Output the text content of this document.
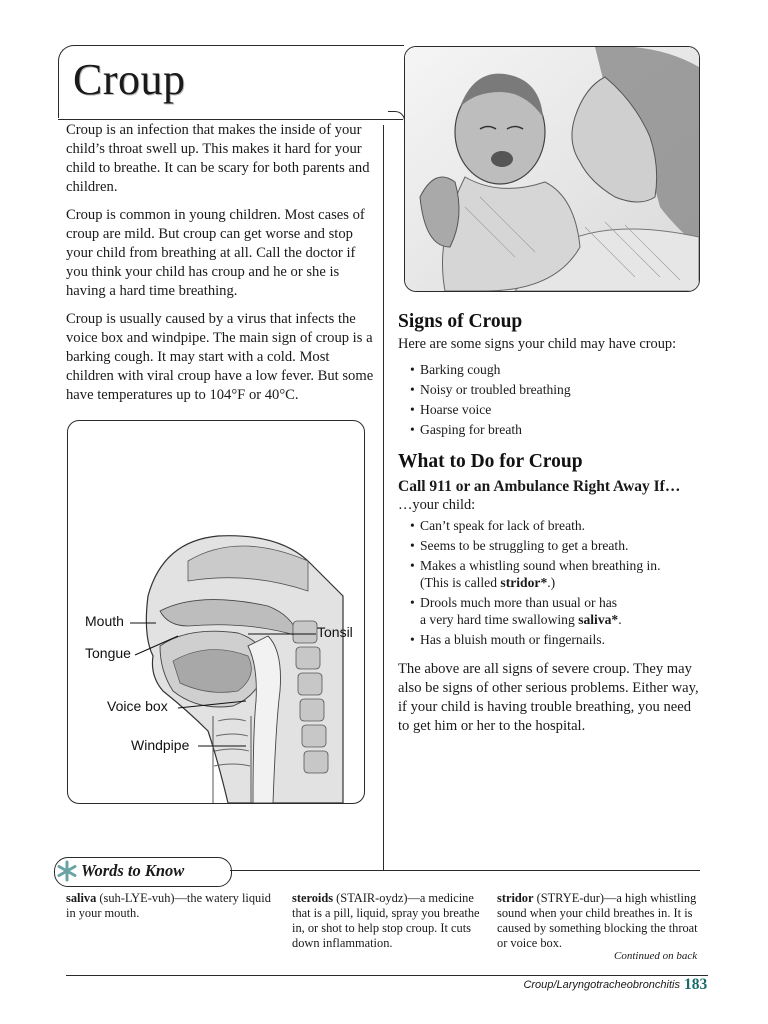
Croup

Croup is an infection that makes the inside of your child’s throat swell up. This makes it hard for your child to breathe. It can be scary for both parents and children.

Croup is common in young children. Most cases of croup are mild. But croup can get worse and stop your child from breathing at all. Call the doctor if you think your child has croup and he or she is having a hard time breathing.

Croup is usually caused by a virus that infects the voice box and windpipe. The main sign of croup is a barking cough. It may start with a cold. Most children with viral croup have a low fever. But some have temperatures up to 104°F or 40°C.

Mouth
Tongue
Tonsil
Voice box
Windpipe
Signs of Croup

Here are some signs your child may have croup:

• Barking cough
• Noisy or troubled breathing
• Hoarse voice
• Gasping for breath
What to Do for Croup
Call 911 or an Ambulance Right Away If…

…your child:

• Can’t speak for lack of breath.
• Seems to be struggling to get a breath.
• Makes a whistling sound when breathing in.
(This is called stridor*.)
• Drools much more than usual or has
a very hard time swallowing saliva*.
• Has a bluish mouth or fingernails.

The above are all signs of severe croup. They may also be signs of other serious problems. Either way, if your child is having trouble breathing, you need to get him or her to the hospital.

Words to Know
saliva (suh-LYE-vuh)—the watery liquid in your mouth.
steroids (STAIR-oydz)—a medicine that is a pill, liquid, spray you breathe in, or shot to help stop croup. It cuts down inflammation.
stridor (STRYE-dur)—a high whistling sound when your child breathes in. It is caused by something blocking the throat or voice box.
Continued on back
Croup/Laryngotracheobronchitis 183
